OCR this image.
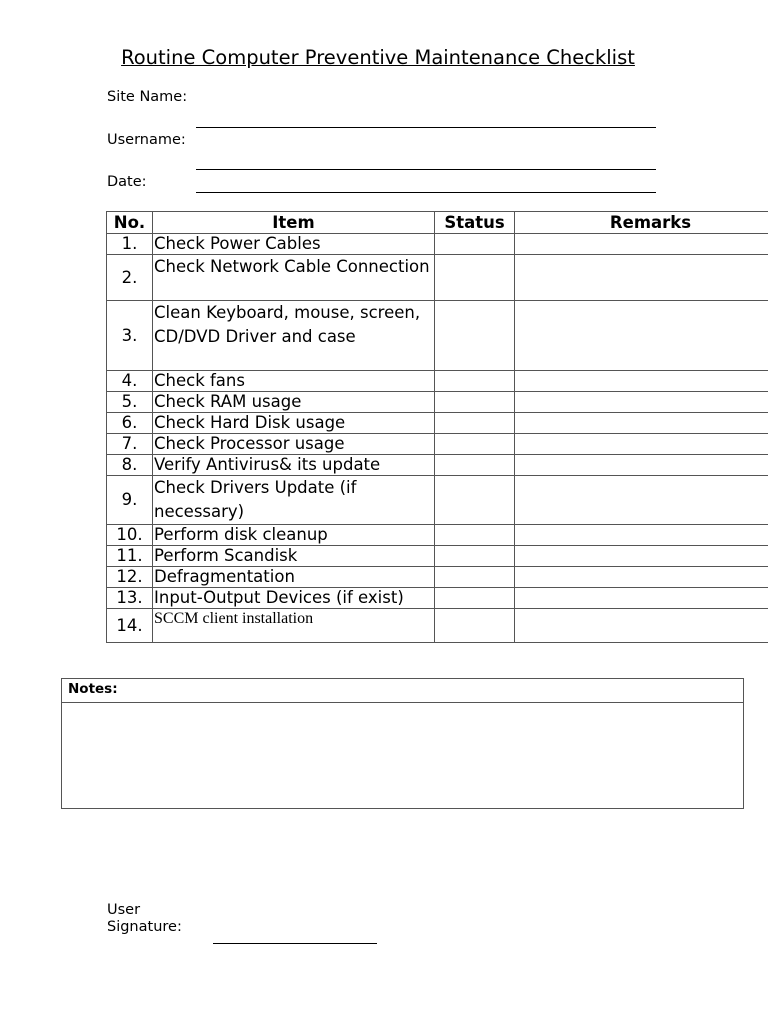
Routine Computer Preventive Maintenance Checklist
Site Name:
Username:
Date:
No.	Item	Status	Remarks
1.	Check Power Cables		
2.	Check Network Cable Connection		
3.	Clean Keyboard, mouse, screen, CD/DVD Driver and case		
4.	Check fans		
5.	Check RAM usage		
6.	Check Hard Disk usage		
7.	Check Processor usage		
8.	Verify Antivirus& its update		
9.	Check Drivers Update (if necessary)		
10.	Perform disk cleanup		
11.	Perform Scandisk		
12.	Defragmentation		
13.	Input-Output Devices (if exist)		
14.	SCCM client installation		
Notes:
User Signature:
